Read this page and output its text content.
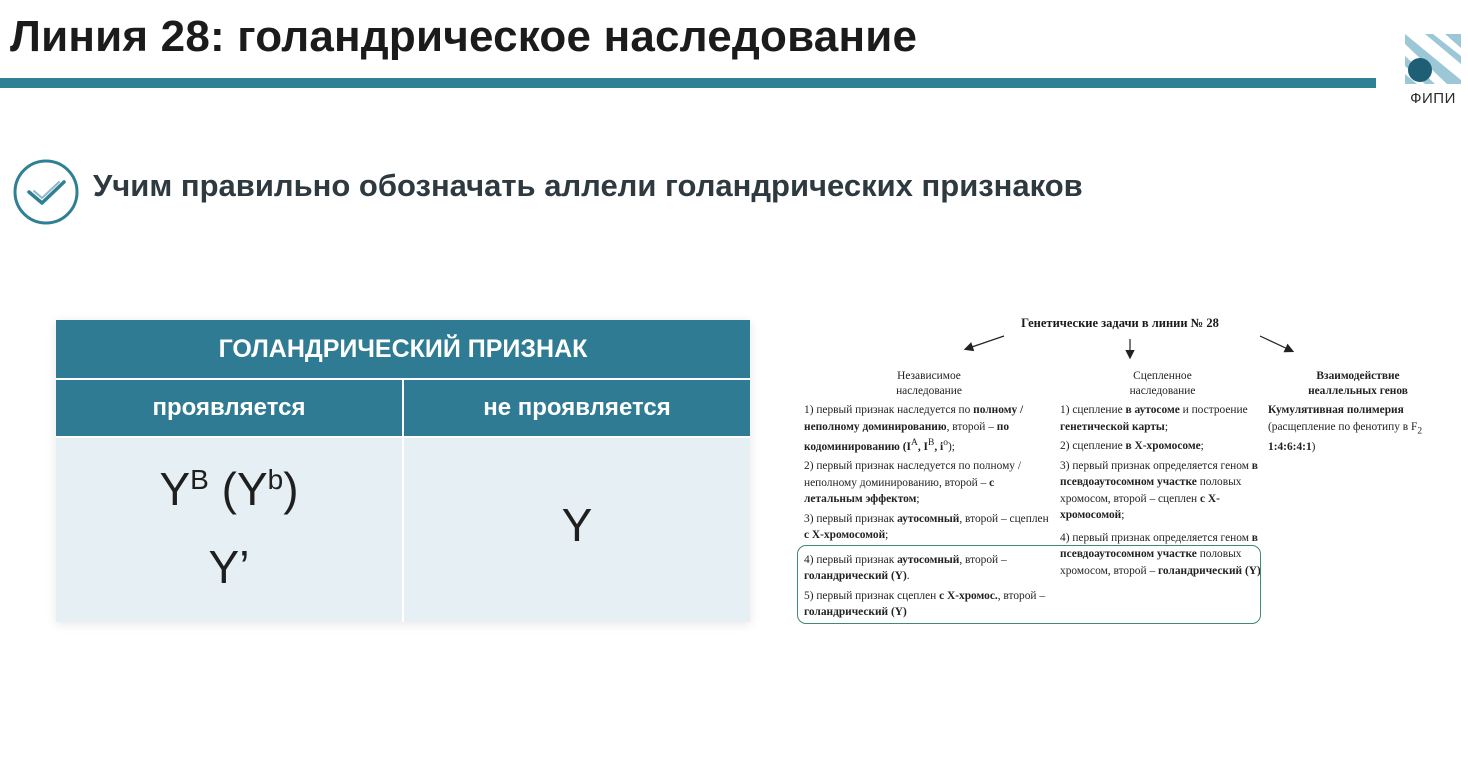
Линия 28: голандрическое наследование
ФИПИ
Учим правильно обозначать аллели голандрических признаков
ГОЛАНДРИЧЕСКИЙ ПРИЗНАК
проявляется	не проявляется
$Y^B$ $(Y^b)$
Y’
Y
Генетические задачи в линии № 28
Независимое
наследование

1) первый признак наследуется по полному / неполному доминированию, второй – по кодоминированию ($I^A$, $I^B$, $i^o$);

2) первый признак наследуется по полному / неполному доминированию, второй – с летальным эффектом;

3) первый признак аутосомный, второй – сцеплен с Х-хромосомой;

4) первый признак аутосомный, второй – голандрический (Y).

5) первый признак сцеплен с Х-хромос., второй – голандрический (Y)

Сцепленное
наследование

1) сцепление в аутосоме и построение генетической карты;

2) сцепление в Х-хромосоме;

3) первый признак определяется геном в псевдоаутосомном участке половых хромосом, второй – сцеплен с Х-хромосомой;

4) первый признак определяется геном в псевдоаутосомном участке половых хромосом, второй – голандрический (Y)

Взаимодействие
неаллельных генов

Кумулятивная полимерия (расщепление по фенотипу в $F_2$ 1:4:6:4:1)
